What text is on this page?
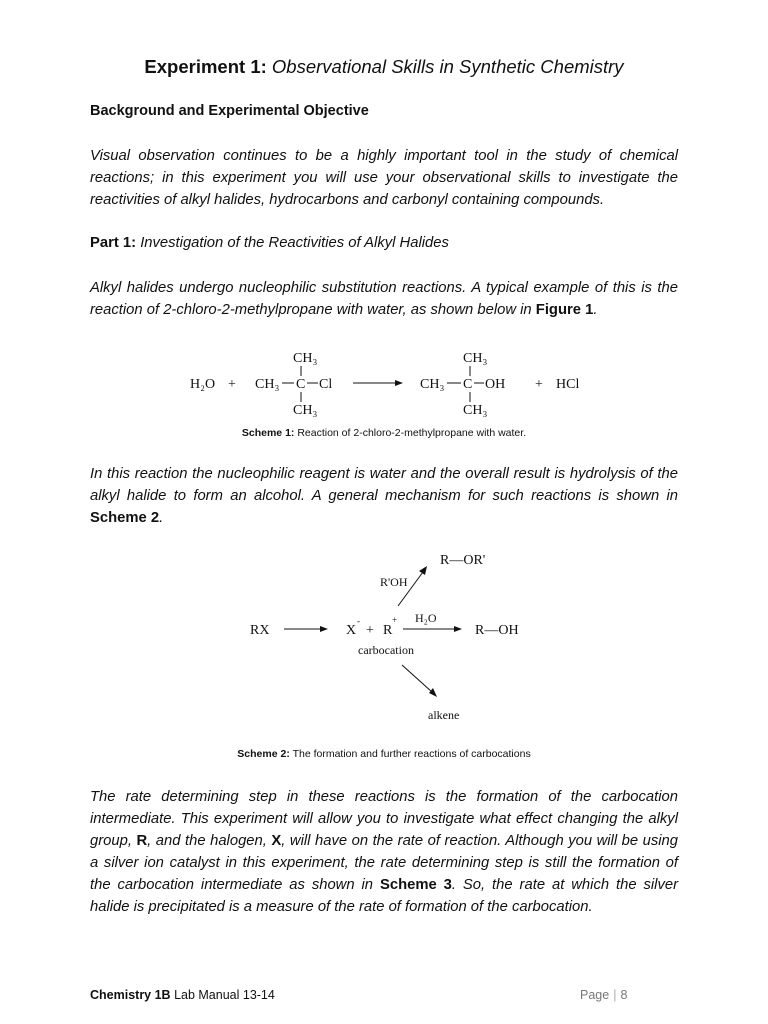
Experiment 1: Observational Skills in Synthetic Chemistry
Background and Experimental Objective

Visual observation continues to be a highly important tool in the study of chemical reactions; in this experiment you will use your observational skills to investigate the reactivities of alkyl halides, hydrocarbons and carbonyl containing compounds.

Part 1: Investigation of the Reactivities of Alkyl Halides

Alkyl halides undergo nucleophilic substitution reactions. A typical example of this is the reaction of 2-chloro-2-methylpropane with water, as shown below in Figure 1.

H₂O + CH₃ C Cl
CH₃
CH₃
CH₃ C OH
CH₃
CH₃
+ HCl

Scheme 1: Reaction of 2-chloro-2-methylpropane with water.

In this reaction the nucleophilic reagent is water and the overall result is hydrolysis of the alkyl halide to form an alcohol. A general mechanism for such reactions is shown in Scheme 2.

RX	X
-
+ R
+
carbocation
H₂O
R—OH
R'OH
R—OR'
alkene

Scheme 2: The formation and further reactions of carbocations

The rate determining step in these reactions is the formation of the carbocation intermediate. This experiment will allow you to investigate what effect changing the alkyl group, R, and the halogen, X, will have on the rate of reaction. Although you will be using a silver ion catalyst in this experiment, the rate determining step is still the formation of the carbocation intermediate as shown in Scheme 3. So, the rate at which the silver halide is precipitated is a measure of the rate of formation of the carbocation.

Chemistry 1B Lab Manual 13-14	Page | 8
